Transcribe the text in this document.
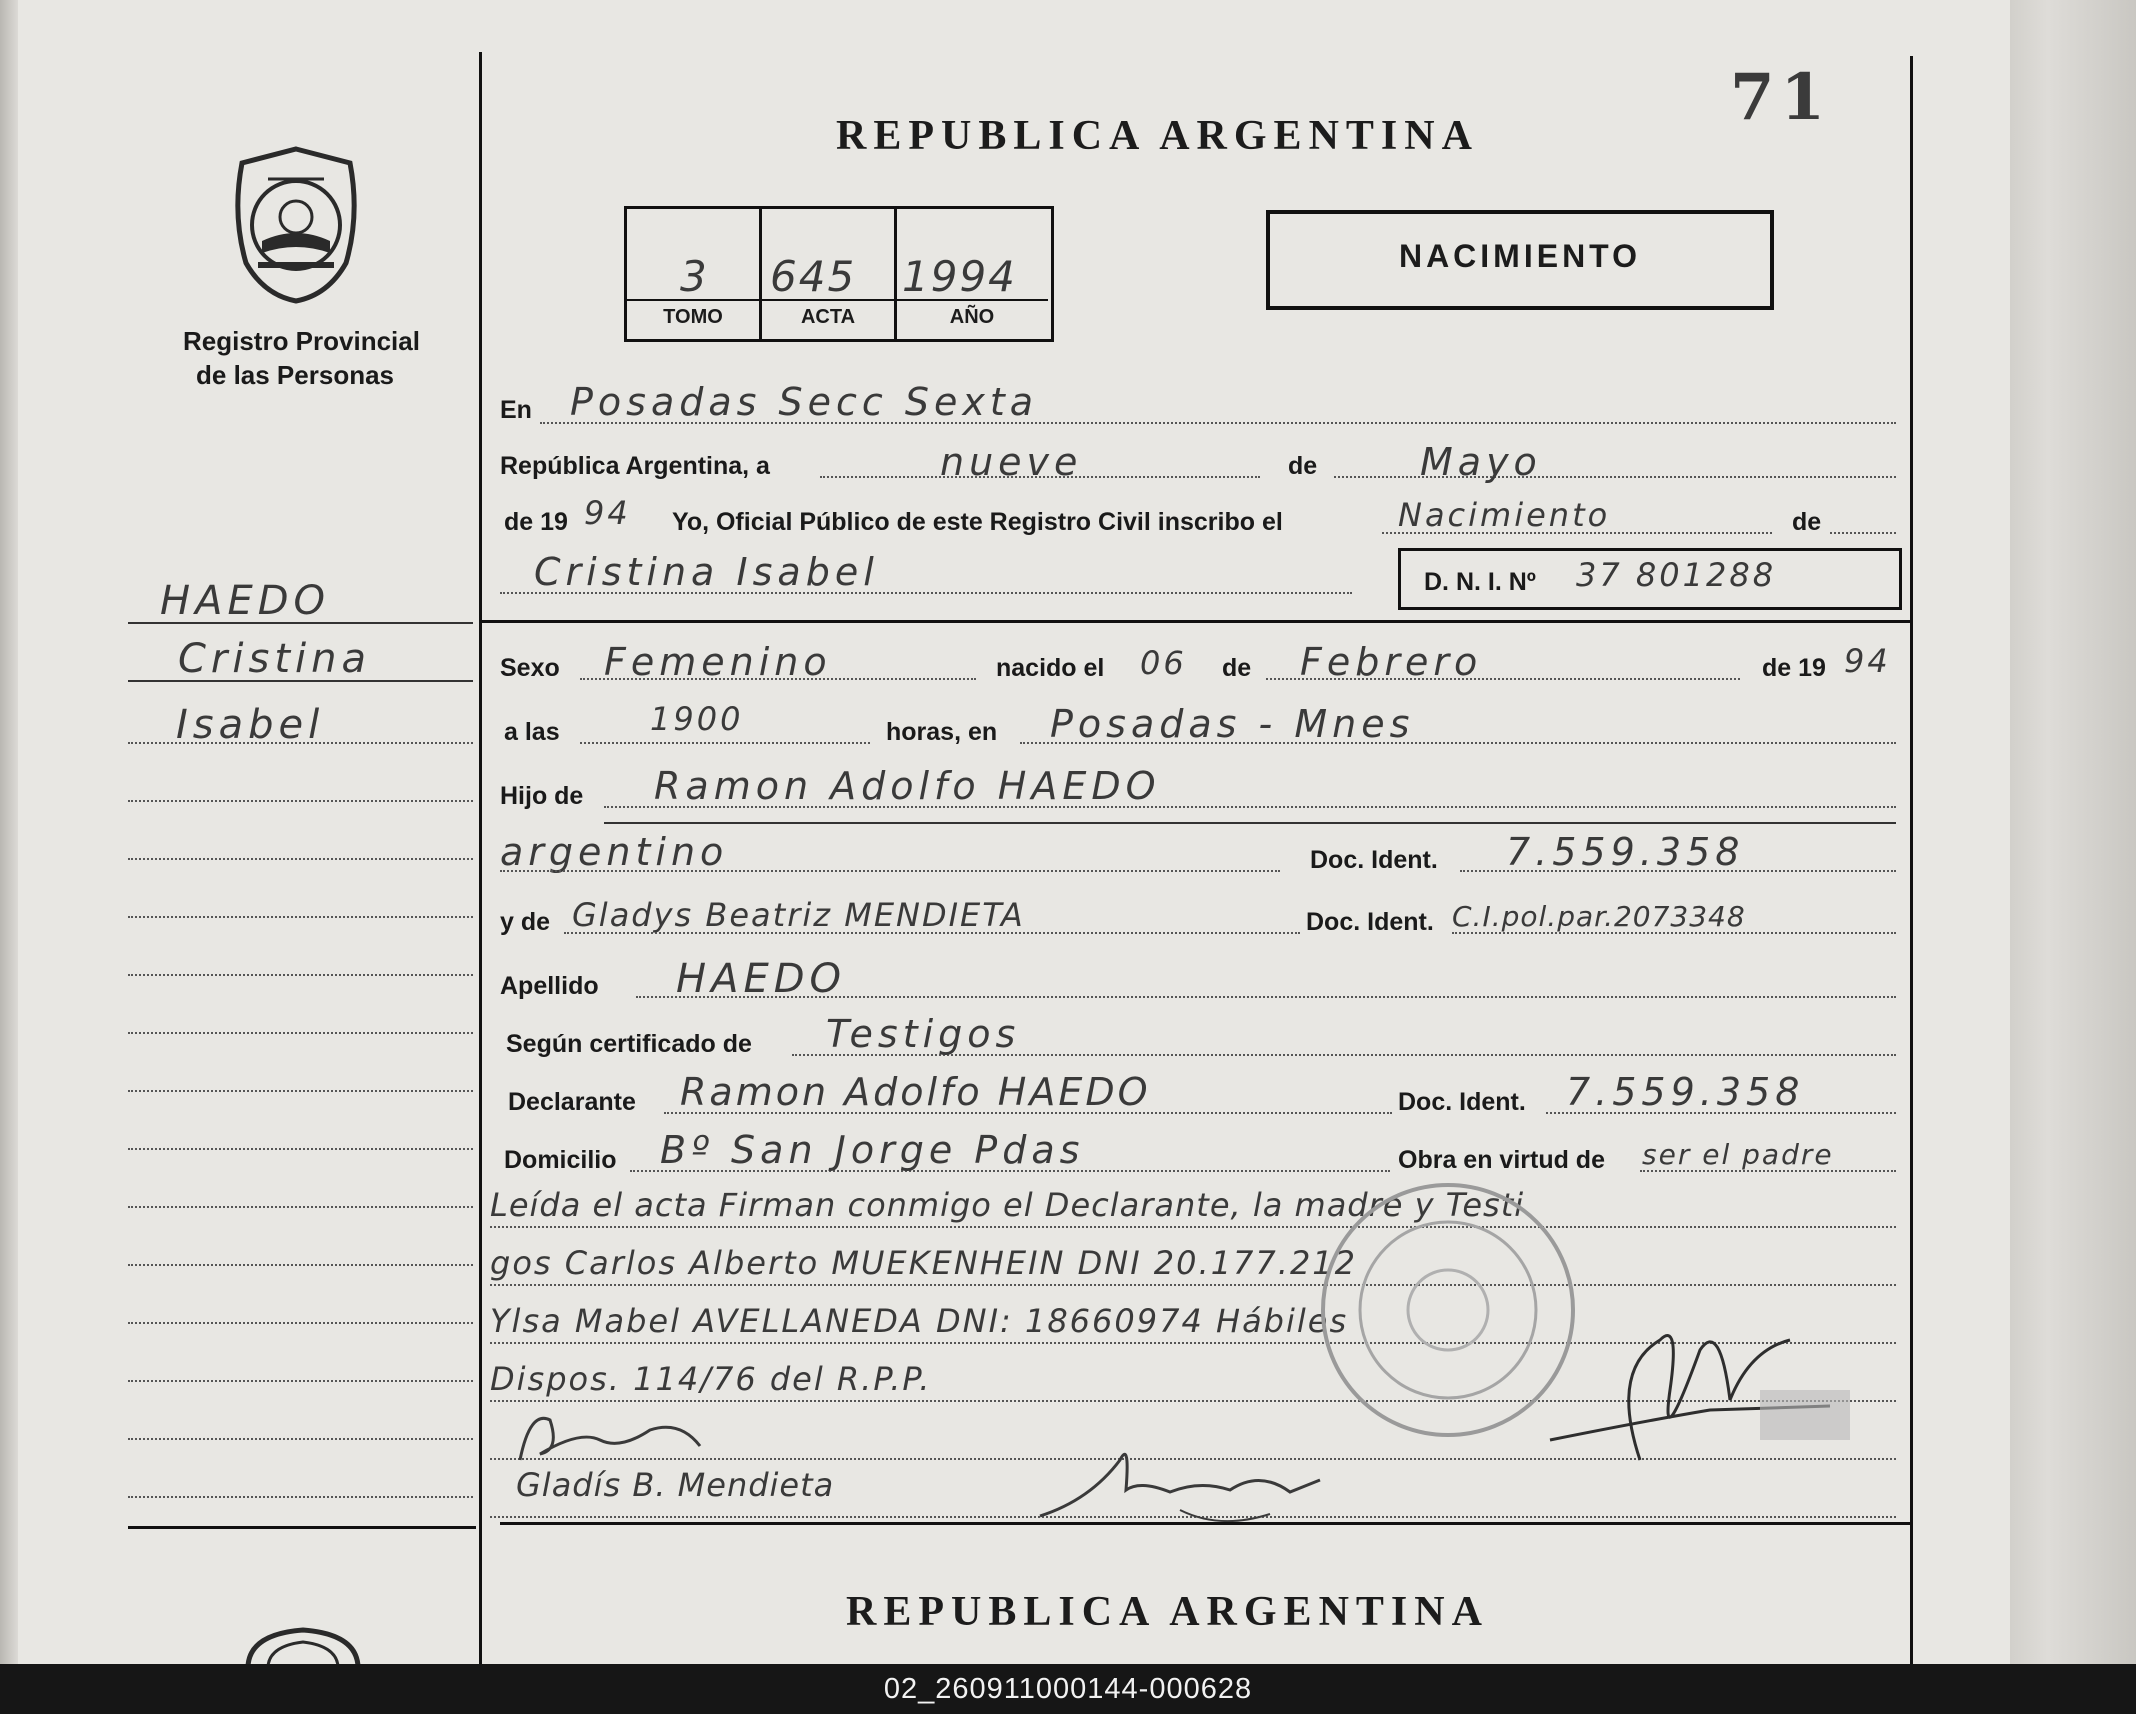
Registro Provincial
de las Personas
HAEDO
Cristina
Isabel
71
REPUBLICA ARGENTINA
3 645 1994
TOMO	ACTA	AÑO
NACIMIENTO
En Posadas Secc Sexta
República Argentina, a	nueve	de	Mayo
de 19 94 Yo, Oficial Público de este Registro Civil inscribo el	Nacimiento	de
Cristina Isabel	D. N. I. Nº 37 801288
Sexo Femenino	nacido el 06 de Febrero	de 19 94
a las	1900	horas, en Posadas - Mnes
Hijo de Ramon Adolfo HAEDO
argentino	Doc. Ident. 7.559.358
y de Gladys Beatriz MENDIETA	Doc. Ident. C.I.pol.par.2073348
Apellido HAEDO
Según certificado de Testigos
Declarante Ramon Adolfo HAEDO	Doc. Ident. 7.559.358
Domicilio Bº San Jorge Pdas	Obra en virtud de ser el padre
Leída el acta Firman conmigo el Declarante, la madre y Testi
gos Carlos Alberto MUEKENHEIN DNI 20.177.212
Ylsa Mabel AVELLANEDA DNI: 18660974 Hábiles
Dispos. 114/76 del R.P.P.
Gladís B. Mendieta
REPUBLICA ARGENTINA
02_260911000144-000628
